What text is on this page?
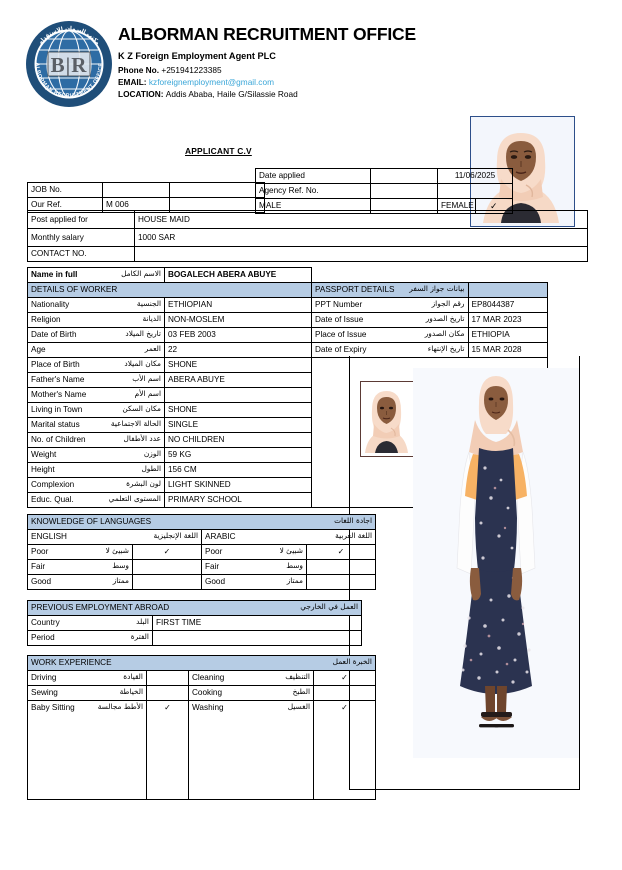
B|R
مكتب البرمان للاستقدام
ALBORMAN RECRUITMENT OFFICE
ALBORMAN RECRUITMENT OFFICE
K Z Foreign Employment Agent PLC
Phone No. +251941223385
EMAIL: kzforeignemployment@gmail.com
LOCATION: Addis Ababa, Haile G/Silassie Road
APPLICANT C.V
JOB No.		
Our Ref.	M 006	
Date applied		11/06/2025
Agency Ref. No.		
MALE			FEMALE	✓
Post applied for	HOUSE MAID
Monthly salary	1000 SAR
CONTACT NO.	
Name in full الاسم الكامل	BOGALECH ABERA ABUYE		
DETAILS OF WORKER		PASSPORT DETAILS بيانات جواز السفر	

Nationality الجنسية	ETHIOPIAN	PPT Number رقم الجواز	EP8044387
Religion الديانة	NON-MOSLEM	Date of Issue تاريخ الصدور	17 MAR 2023
Date of Birth تاريخ الميلاد	03 FEB 2003	Place of Issue مكان الصدور	ETHIOPIA
Age العمر	22	Date of Expiry تاريخ الإنتهاء	15 MAR 2028
Place of Birth مكان الميلاد	SHONE		
Father's Name اسم الأب	ABERA ABUYE		
Mother's Name اسم الأم			

Living in Town مكان السكن	SHONE		
Marital status الحالة الاجتماعية	SINGLE		
No. of Children عدد الأطفال	NO CHILDREN		
Weight الوزن	59 KG		
Height الطول	156 CM		
Complexion لون البشرة	LIGHT SKINNED		
Educ. Qual. المستوى التعلمي	PRIMARY SCHOOL		
KNOWLEDGE OF LANGUAGES اجادة اللغات			

ENGLISH اللغة الإنجليزية		ARABIC اللغة العربية	

Poor شبيئ لا	✓	Poor شبيئ لا	✓
Fair وسط		Fair وسط	

Good ممتاز		Good ممتاز	

PREVIOUS EMPLOYMENT ABROAD العمل في الخارجي	

Country البلد	FIRST TIME
Period الفترة	

WORK EXPERIENCE الخبرة العمل			

Driving القيادة		Cleaning التنظيف	✓
Sewing الخياطة		Cooking الطبخ	

Baby Sitting الأطط مجالسة	✓	Washing الغسيل	✓
